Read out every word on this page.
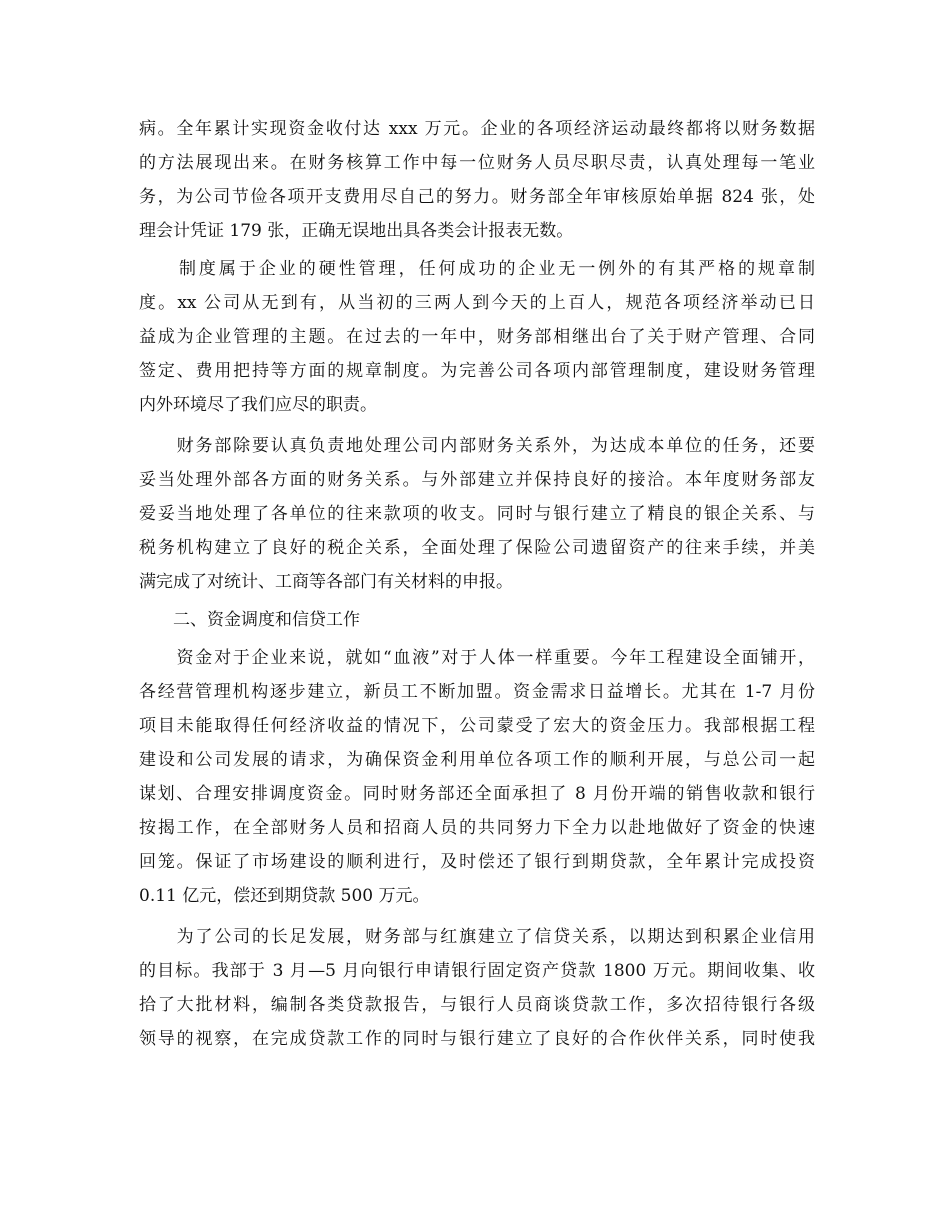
病。全年累计实现资金收付达 xxx 万元。企业的各项经济运动最终都将以财务数据
的方法展现出来。在财务核算工作中每一位财务人员尽职尽责，认真处理每一笔业
务，为公司节俭各项开支费用尽自己的努力。财务部全年审核原始单据 824 张，处
理会计凭证 179 张，正确无误地出具各类会计报表无数。
　　制度属于企业的硬性管理，任何成功的企业无一例外的有其严格的规章制
度。xx 公司从无到有，从当初的三两人到今天的上百人，规范各项经济举动已日
益成为企业管理的主题。在过去的一年中，财务部相继出台了关于财产管理、合同
签定、费用把持等方面的规章制度。为完善公司各项内部管理制度，建设财务管理
内外环境尽了我们应尽的职责。
　　财务部除要认真负责地处理公司内部财务关系外，为达成本单位的任务，还要
妥当处理外部各方面的财务关系。与外部建立并保持良好的接洽。本年度财务部友
爱妥当地处理了各单位的往来款项的收支。同时与银行建立了精良的银企关系、与
税务机构建立了良好的税企关系，全面处理了保险公司遗留资产的往来手续，并美
满完成了对统计、工商等各部门有关材料的申报。
　　二、资金调度和信贷工作
　　资金对于企业来说，就如“血液”对于人体一样重要。今年工程建设全面铺开，
各经营管理机构逐步建立，新员工不断加盟。资金需求日益增长。尤其在 1-7 月份
项目未能取得任何经济收益的情况下，公司蒙受了宏大的资金压力。我部根据工程
建设和公司发展的请求，为确保资金利用单位各项工作的顺利开展，与总公司一起
谋划、合理安排调度资金。同时财务部还全面承担了 8 月份开端的销售收款和银行
按揭工作，在全部财务人员和招商人员的共同努力下全力以赴地做好了资金的快速
回笼。保证了市场建设的顺利进行，及时偿还了银行到期贷款，全年累计完成投资
0.11 亿元，偿还到期贷款 500 万元。
　　为了公司的长足发展，财务部与红旗建立了信贷关系，以期达到积累企业信用
的目标。我部于 3 月—5 月向银行申请银行固定资产贷款 1800 万元。期间收集、收
拾了大批材料，编制各类贷款报告，与银行人员商谈贷款工作，多次招待银行各级
领导的视察，在完成贷款工作的同时与银行建立了良好的合作伙伴关系，同时使我
